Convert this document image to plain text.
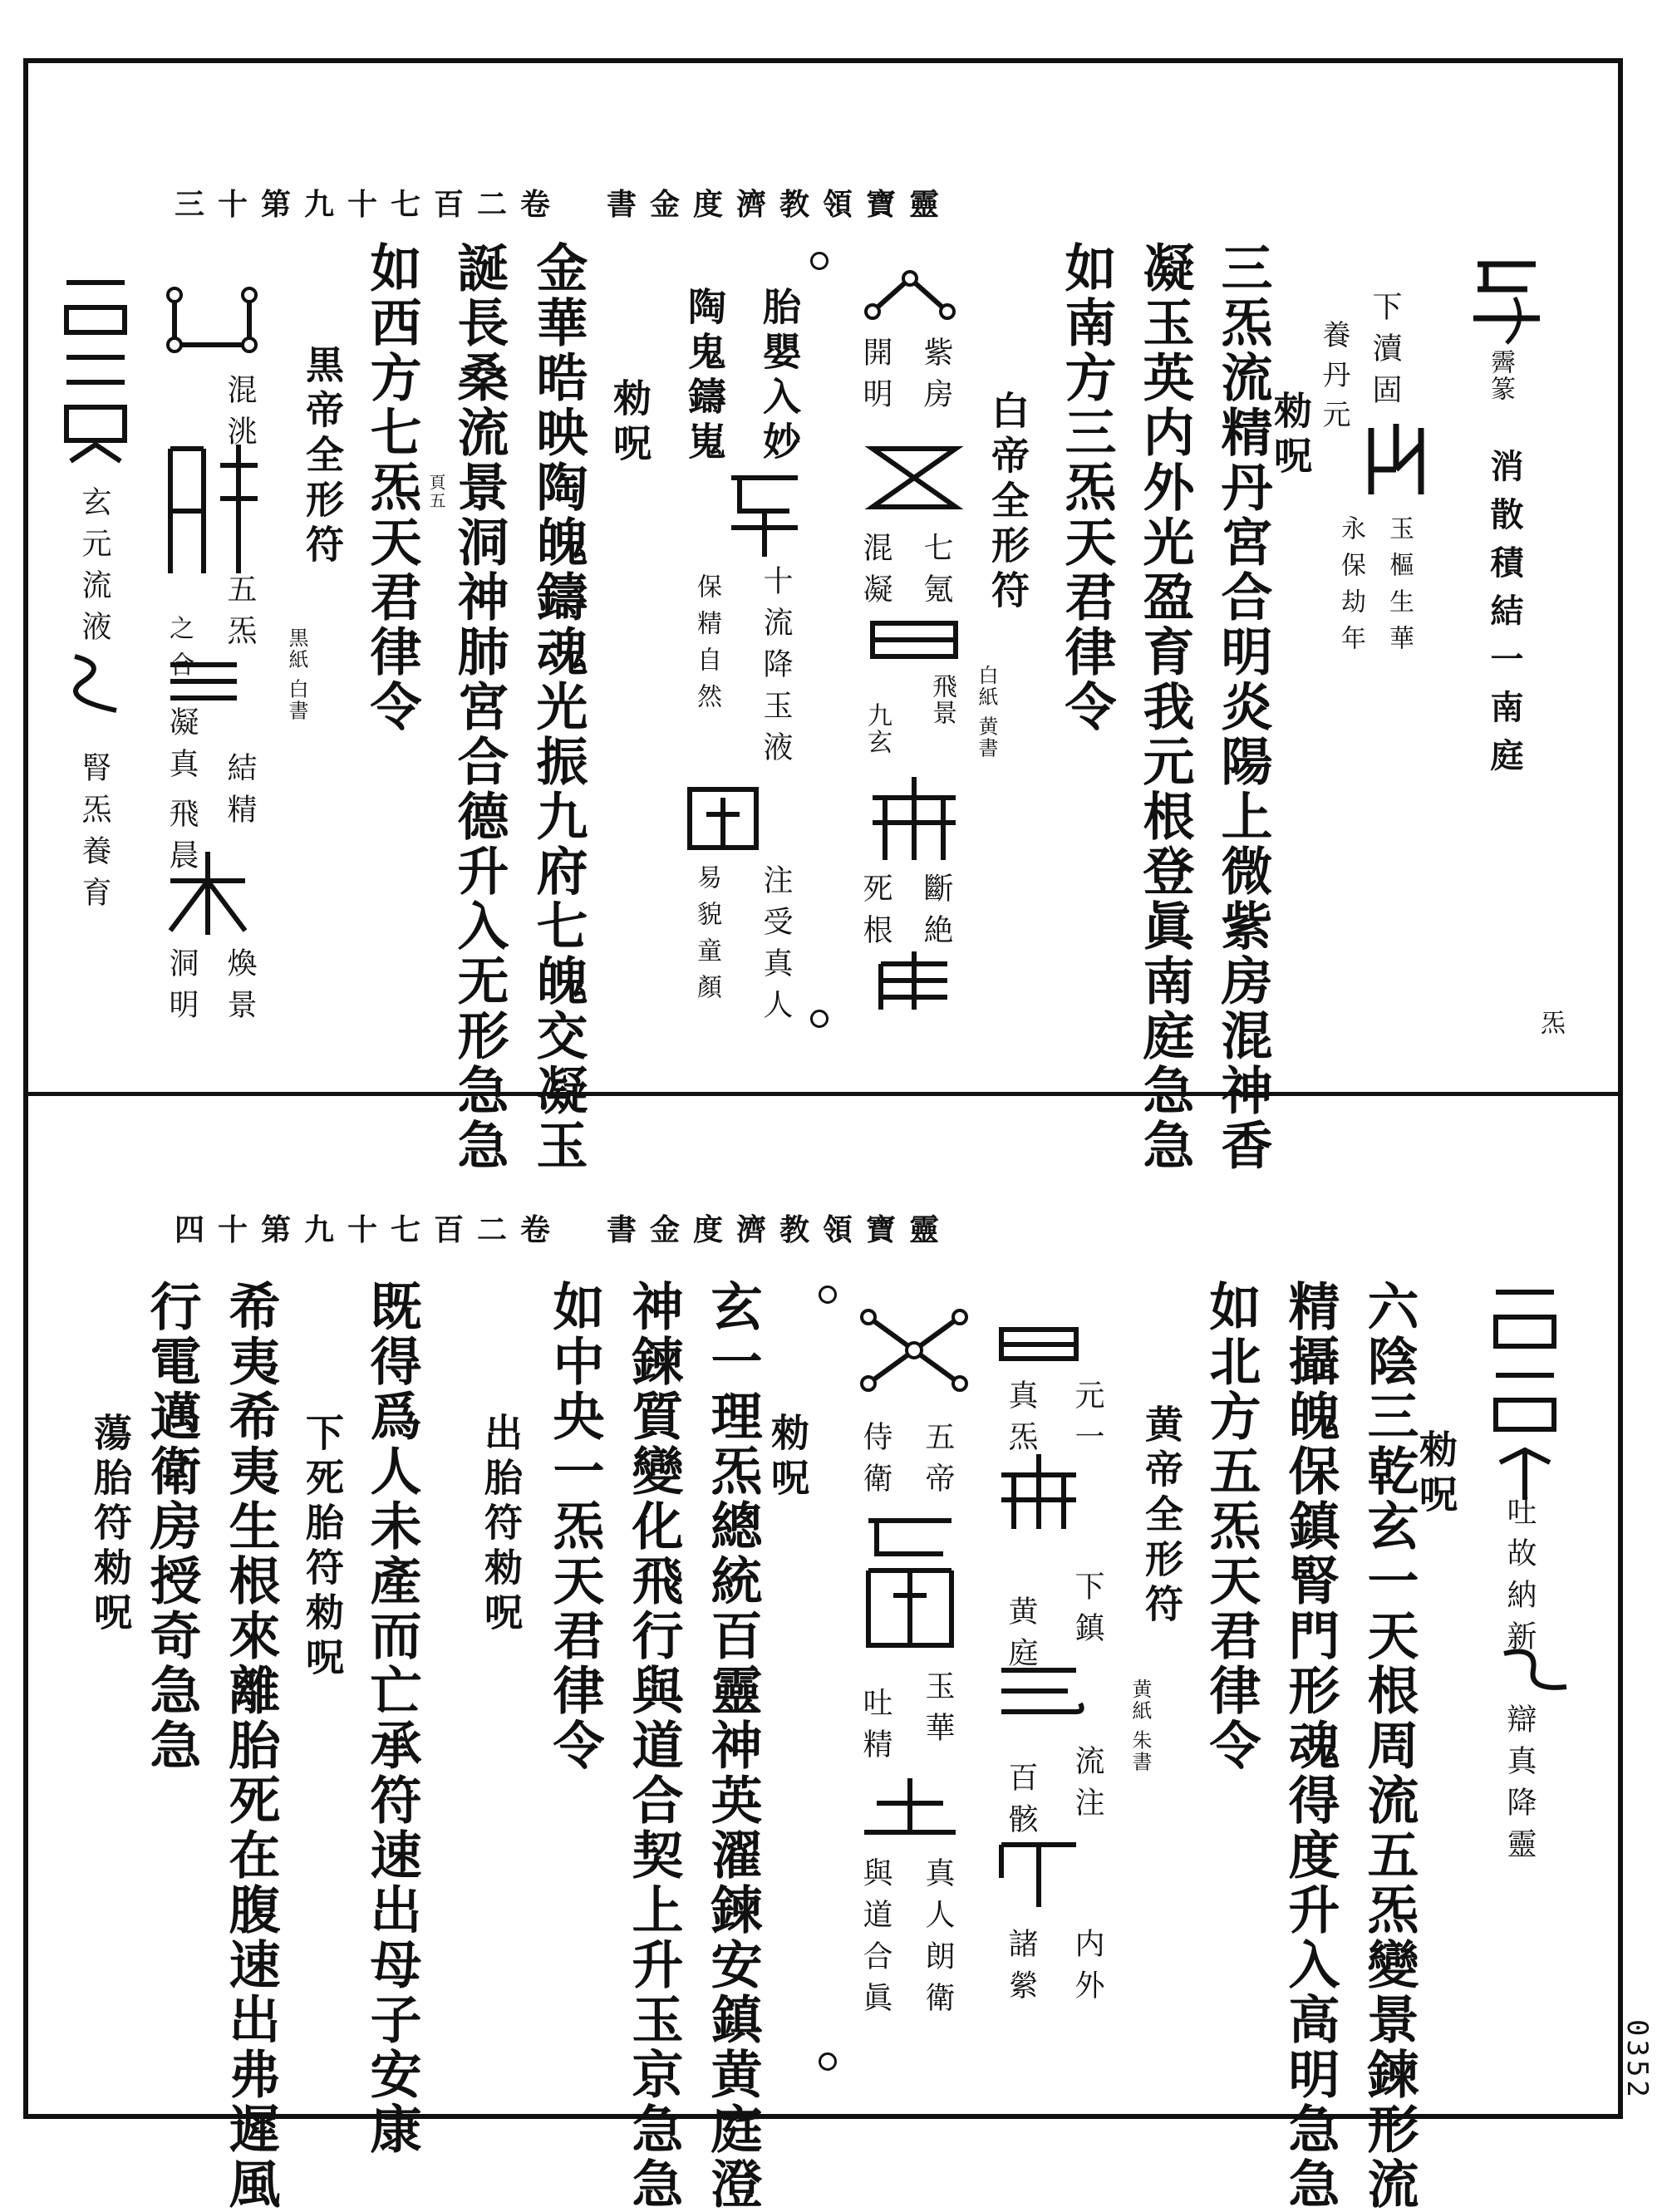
靈寶領教濟度金書　卷二百七十九第十三
霽篆
消散積結一南庭
炁
下瀆固
玉樞生華
養丹元
永保劫年
勑呪
三炁流精丹宮合明炎陽上微紫房混神香
凝玉英内外光盈育我元根登眞南庭急急
如南方三炁天君律令
白帝全形符
白紙 黄書
紫房
開明
七氪
混凝
飛景
九玄
斷絶
死根
胎嬰入妙
十流降玉液
注受真人
陶鬼鑄嵬
保精自然
易貌童顏
勑呪
金華晧映陶魄鑄魂光振九府七魄交凝玉
誕長桑流景洞神肺宮合德升入无形急急
如西方七炁天君律令 頁五
黒帝全形符
黒紙 白書
混洮
五炁
之合
凝真
結精
飛晨
煥景
洞明
玄元流液
腎炁養育
靈寶領教濟度金書　卷二百七十九第十四
吐故納新
辯真降靈
勑呪
六陰三乾玄一天根周流五炁變景鍊形流
精攝魄保鎮腎門形魂得度升入高明急急
如北方五炁天君律令
黄帝全形符
黄紙 朱書
元一
真炁
下鎮
黄庭
流注
百骸
内外
諸縈
五帝
侍衛
玉華
吐精
真人朗衛
與道合眞
勑呪
玄一理炁總統百靈神英濯鍊安鎮黄庭澄
神鍊質變化飛行與道合契上升玉京急急
如中央一炁天君律令
出胎符勑呪
既得爲人未產而亡承符速出母子安康
下死胎符勑呪
希夷希夷生根來離胎死在腹速出弗遲風
行電邁衛房授奇急急
蕩胎符勑呪
0352
